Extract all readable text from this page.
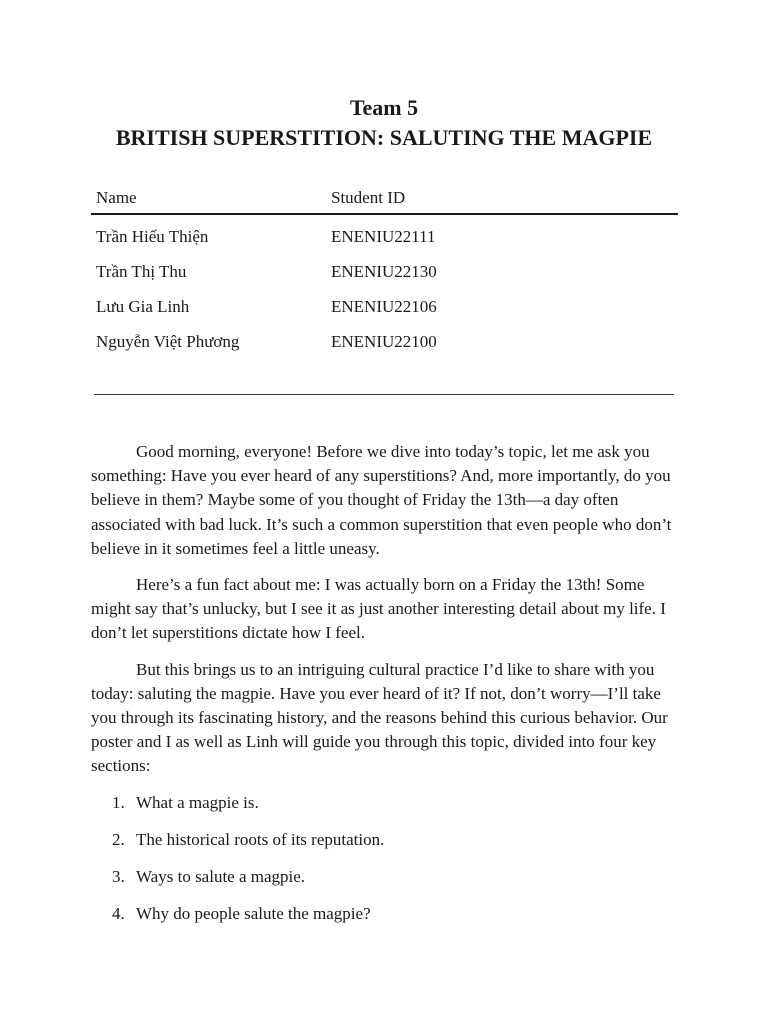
Team 5
BRITISH SUPERSTITION: SALUTING THE MAGPIE
Name	Student ID
Trần Hiếu Thiện	ENENIU22111
Trần Thị Thu	ENENIU22130
Lưu Gia Linh	ENENIU22106
Nguyễn Việt Phương	ENENIU22100

Good morning, everyone! Before we dive into today’s topic, let me ask you something: Have you ever heard of any superstitions? And, more importantly, do you believe in them? Maybe some of you thought of Friday the 13th—a day often associated with bad luck. It’s such a common superstition that even people who don’t believe in it sometimes feel a little uneasy.

Here’s a fun fact about me: I was actually born on a Friday the 13th! Some might say that’s unlucky, but I see it as just another interesting detail about my life. I don’t let superstitions dictate how I feel.

But this brings us to an intriguing cultural practice I’d like to share with you today: saluting the magpie. Have you ever heard of it? If not, don’t worry—I’ll take you through its fascinating history, and the reasons behind this curious behavior. Our poster and I as well as Linh will guide you through this topic, divided into four key sections:

1. What a magpie is.
2. The historical roots of its reputation.
3. Ways to salute a magpie.
4. Why do people salute the magpie?
